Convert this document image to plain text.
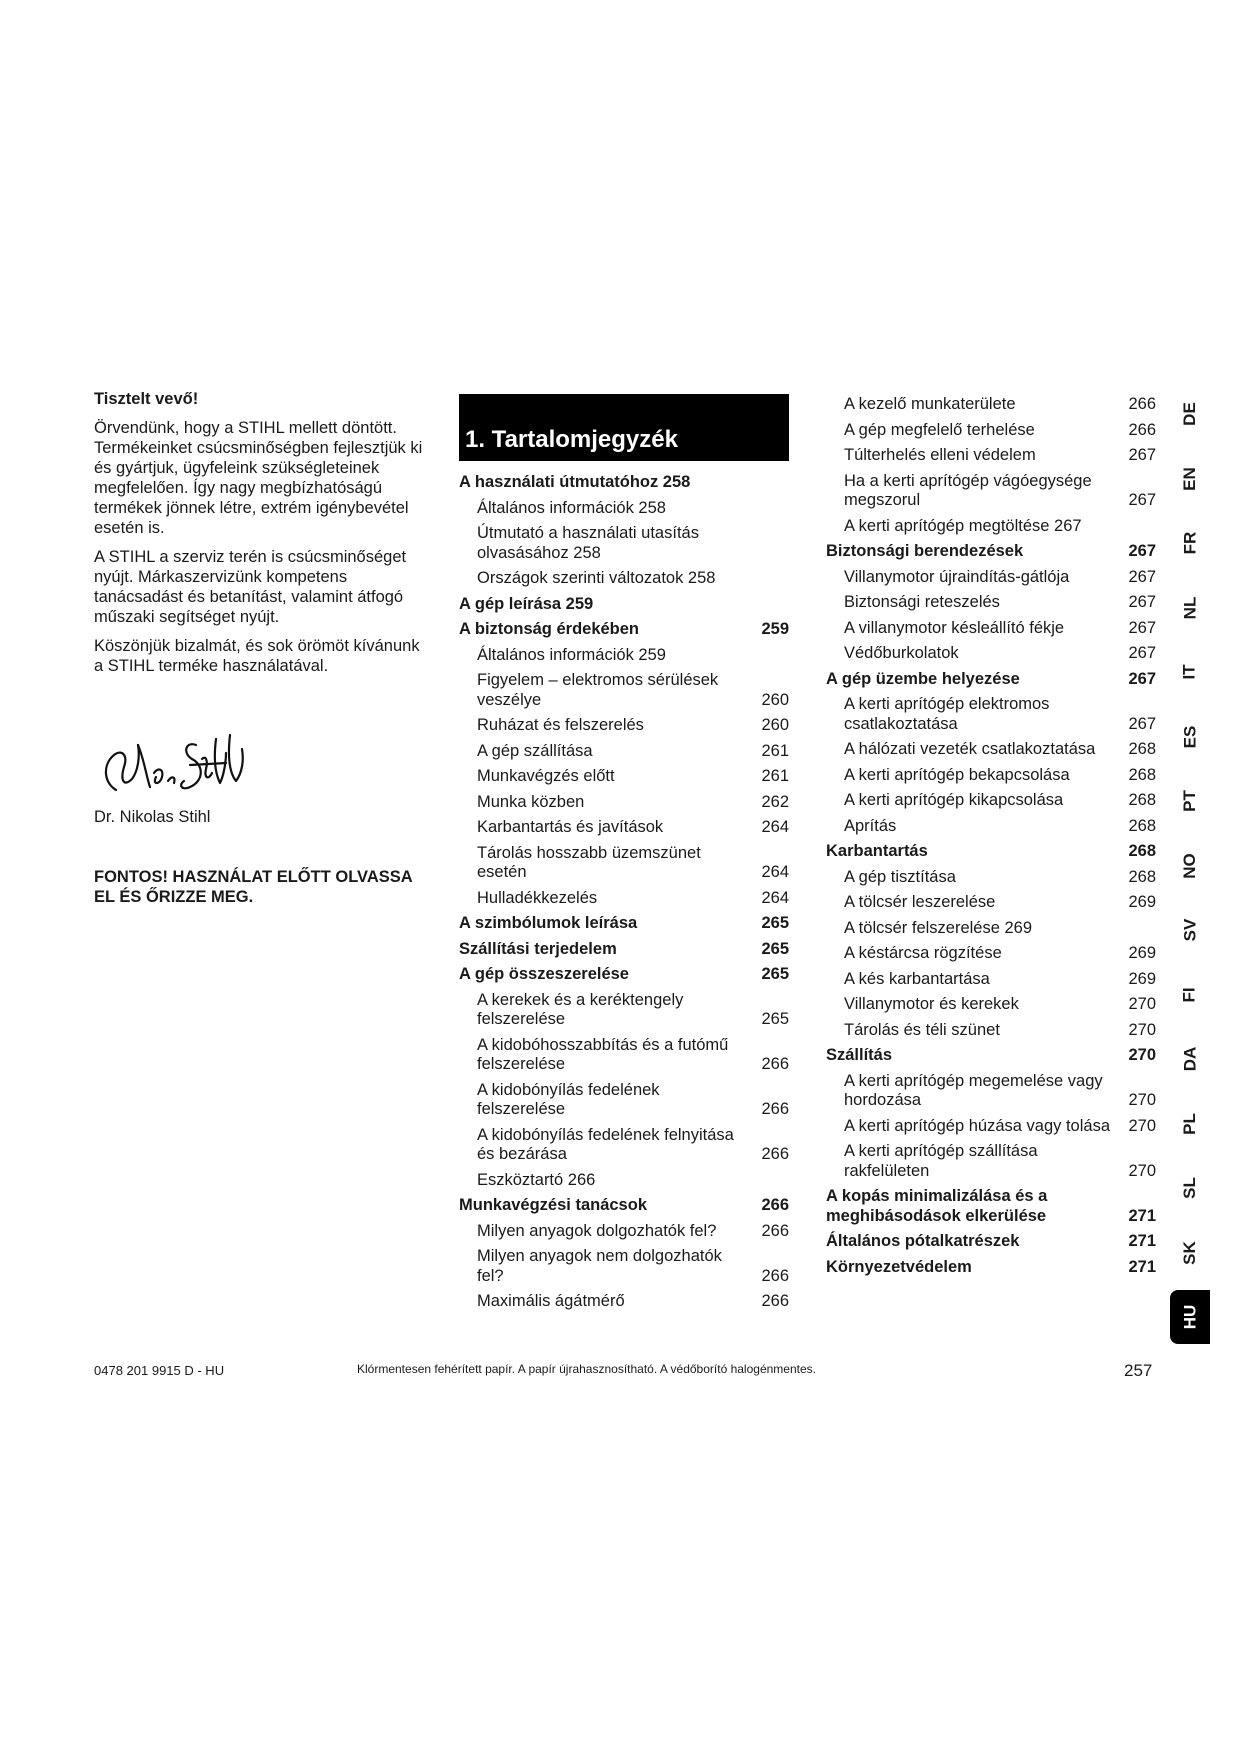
Tisztelt vevő!

Örvendünk, hogy a STIHL mellett döntött. Termékeinket csúcsminőségben fejlesztjük ki és gyártjuk, ügyfeleink szükségleteinek megfelelően. Így nagy megbízhatóságú termékek jönnek létre, extrém igénybevétel esetén is.

A STIHL a szerviz terén is csúcsminőséget nyújt. Márkaszervizünk kompetens tanácsadást és betanítást, valamint átfogó műszaki segítséget nyújt.

Köszönjük bizalmát, és sok örömöt kívánunk a STIHL terméke használatával.

Dr. Nikolas Stihl
FONTOS! HASZNÁLAT ELŐTT OLVASSA EL ÉS ŐRIZZE MEG.
1. Tartalomjegyzék
A használati útmutatóhoz 258
Általános információk 258
Útmutató a használati utasítás olvasásához 258
Országok szerinti változatok 258
A gép leírása 259
A biztonság érdekében	259
Általános információk 259
Figyelem – elektromos sérülések veszélye	260
Ruházat és felszerelés	260
A gép szállítása	261
Munkavégzés előtt	261
Munka közben	262
Karbantartás és javítások	264
Tárolás hosszabb üzemszünet esetén	264
Hulladékkezelés	264
A szimbólumok leírása	265
Szállítási terjedelem	265
A gép összeszerelése	265
A kerekek és a keréktengely felszerelése	265
A kidobóhosszabbítás és a futómű felszerelése	266
A kidobónyílás fedelének felszerelése	266
A kidobónyílás fedelének felnyitása és bezárása	266
Eszköztartó 266
Munkavégzési tanácsok	266
Milyen anyagok dolgozhatók fel?	266
Milyen anyagok nem dolgozhatók fel?	266
Maximális ágátmérő	266
A kezelő munkaterülete	266
A gép megfelelő terhelése	266
Túlterhelés elleni védelem	267
Ha a kerti aprítógép vágóegysége megszorul	267
A kerti aprítógép megtöltése 267
Biztonsági berendezések	267
Villanymotor újraindítás-gátlója	267
Biztonsági reteszelés	267
A villanymotor késleállító fékje	267
Védőburkolatok	267
A gép üzembe helyezése	267
A kerti aprítógép elektromos csatlakoztatása	267
A hálózati vezeték csatlakoztatása	268
A kerti aprítógép bekapcsolása	268
A kerti aprítógép kikapcsolása	268
Aprítás	268
Karbantartás	268
A gép tisztítása	268
A tölcsér leszerelése	269
A tölcsér felszerelése 269
A késtárcsa rögzítése	269
A kés karbantartása	269
Villanymotor és kerekek	270
Tárolás és téli szünet	270
Szállítás	270
A kerti aprítógép megemelése vagy hordozása	270
A kerti aprítógép húzása vagy tolása	270
A kerti aprítógép szállítása rakfelületen	270
A kopás minimalizálása és a meghibásodások elkerülése	271
Általános pótalkatrészek	271
Környezetvédelem	271
DE
EN
FR
NL
IT
ES
PT
NO
SV
FI
DA
PL
SL
SK
HU
0478 201 9915 D - HU	Klórmentesen fehérített papír. A papír újrahasznosítható. A védőborító halogénmentes.	257
